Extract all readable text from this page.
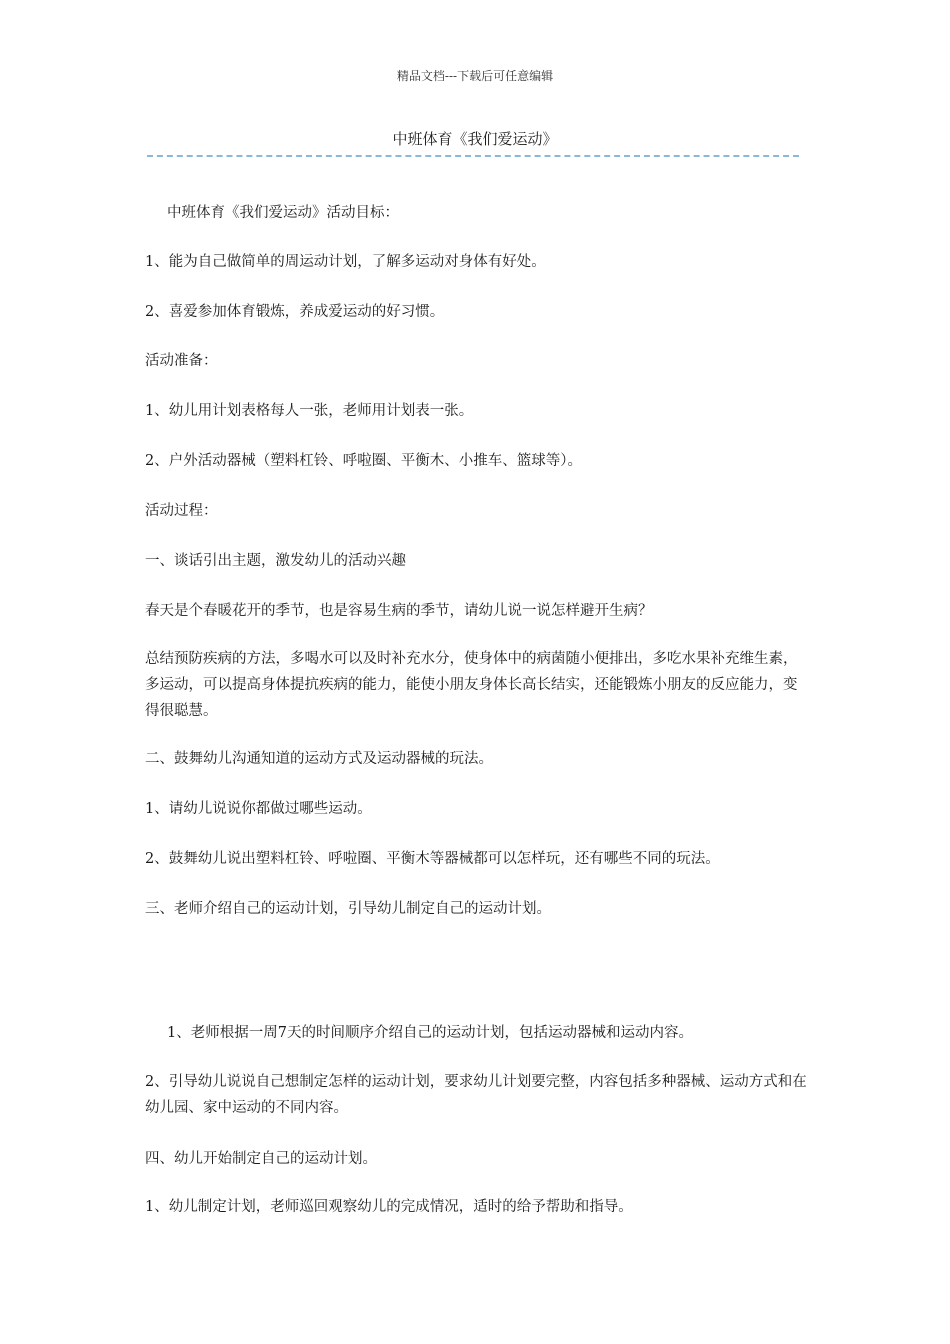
精品文档---下载后可任意编辑
中班体育《我们爱运动》

中班体育《我们爱运动》活动目标：

1、能为自己做简单的周运动计划，了解多运动对身体有好处。

2、喜爱参加体育锻炼，养成爱运动的好习惯。

活动准备：

1、幼儿用计划表格每人一张，老师用计划表一张。

2、户外活动器械（塑料杠铃、呼啦圈、平衡木、小推车、篮球等）。

活动过程：

一、谈话引出主题，激发幼儿的活动兴趣

春天是个春暖花开的季节，也是容易生病的季节，请幼儿说一说怎样避开生病？

总结预防疾病的方法，多喝水可以及时补充水分，使身体中的病菌随小便排出，多吃水果补充维生素，多运动，可以提高身体提抗疾病的能力，能使小朋友身体长高长结实，还能锻炼小朋友的反应能力，变得很聪慧。

二、鼓舞幼儿沟通知道的运动方式及运动器械的玩法。

1、请幼儿说说你都做过哪些运动。

2、鼓舞幼儿说出塑料杠铃、呼啦圈、平衡木等器械都可以怎样玩，还有哪些不同的玩法。

三、老师介绍自己的运动计划，引导幼儿制定自己的运动计划。

1、老师根据一周7天的时间顺序介绍自己的运动计划，包括运动器械和运动内容。

2、引导幼儿说说自己想制定怎样的运动计划，要求幼儿计划要完整，内容包括多种器械、运动方式和在幼儿园、家中运动的不同内容。

四、幼儿开始制定自己的运动计划。

1、幼儿制定计划，老师巡回观察幼儿的完成情况，适时的给予帮助和指导。
